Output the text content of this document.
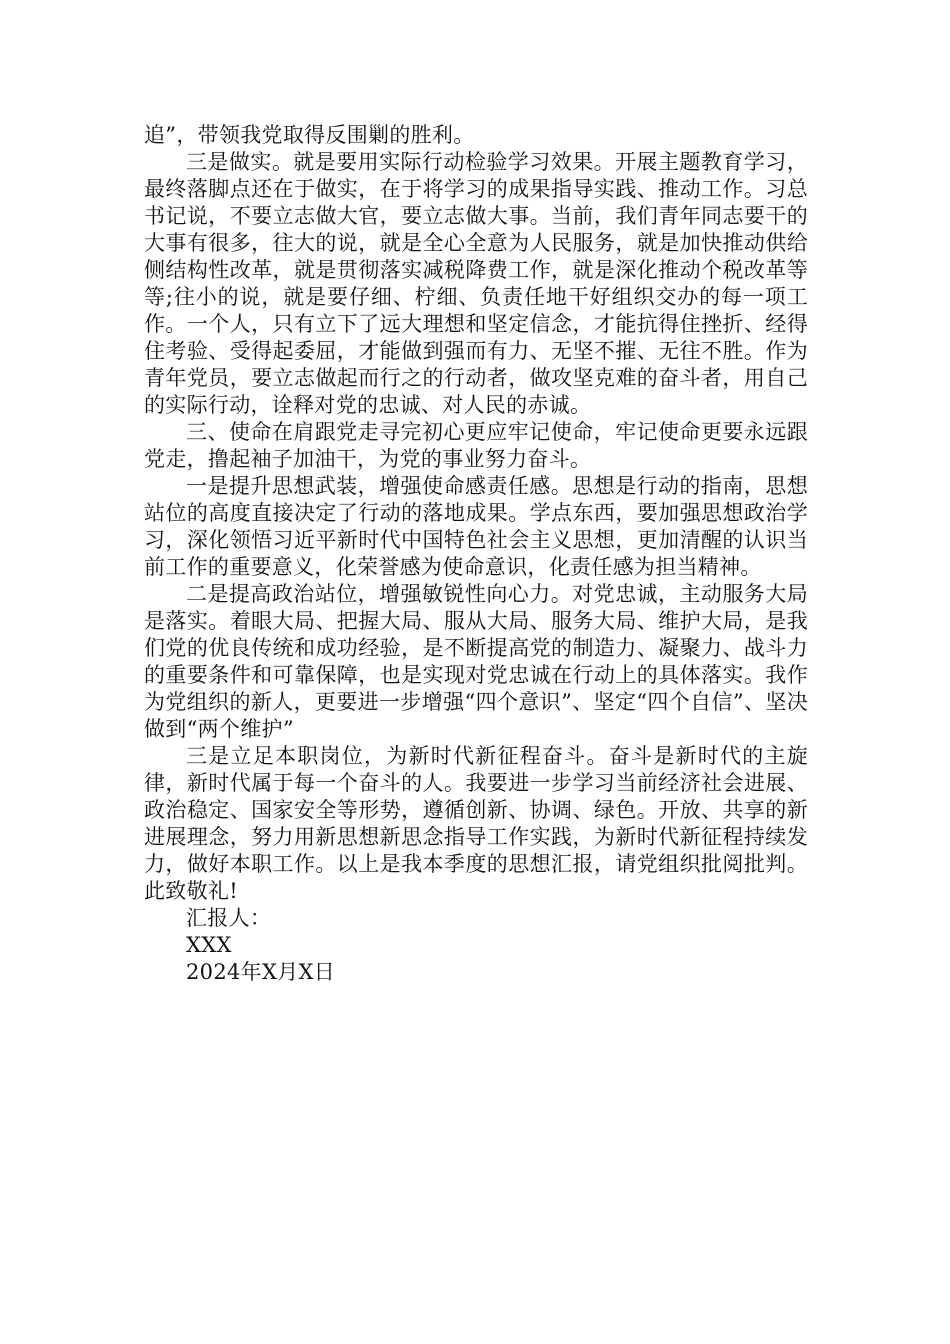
追”，带领我党取得反围剿的胜利。

三是做实。就是要用实际行动检验学习效果。开展主题教育学习，最终落脚点还在于做实，在于将学习的成果指导实践、推动工作。习总书记说，不要立志做大官，要立志做大事。当前，我们青年同志要干的大事有很多，往大的说，就是全心全意为人民服务，就是加快推动供给侧结构性改革，就是贯彻落实减税降费工作，就是深化推动个税改革等等;往小的说，就是要仔细、柠细、负责任地干好组织交办的每一项工作。一个人，只有立下了远大理想和坚定信念，才能抗得住挫折、经得住考验、受得起委屈，才能做到强而有力、无坚不摧、无往不胜。作为青年党员，要立志做起而行之的行动者，做攻坚克难的奋斗者，用自己的实际行动，诠释对党的忠诚、对人民的赤诚。

三、使命在肩跟党走寻完初心更应牢记使命，牢记使命更要永远跟党走，撸起袖子加油干，为党的事业努力奋斗。

一是提升思想武装，增强使命感责任感。思想是行动的指南，思想站位的高度直接决定了行动的落地成果。学点东西，要加强思想政治学习，深化领悟习近平新时代中国特色社会主义思想，更加清醒的认识当前工作的重要意义，化荣誉感为使命意识，化责任感为担当精神。

二是提高政治站位，增强敏锐性向心力。对党忠诚，主动服务大局是落实。着眼大局、把握大局、服从大局、服务大局、维护大局，是我们党的优良传统和成功经验，是不断提高党的制造力、凝聚力、战斗力的重要条件和可靠保障，也是实现对党忠诚在行动上的具体落实。我作为党组织的新人，更要进一步增强“四个意识”、坚定“四个自信”、坚决做到“两个维护”

三是立足本职岗位，为新时代新征程奋斗。奋斗是新时代的主旋律，新时代属于每一个奋斗的人。我要进一步学习当前经济社会进展、政治稳定、国家安全等形势，遵循创新、协调、绿色。开放、共享的新进展理念，努力用新思想新思念指导工作实践，为新时代新征程持续发力，做好本职工作。以上是我本季度的思想汇报，请党组织批阅批判。此致敬礼!

汇报人：

XXX

2024年X月X日
